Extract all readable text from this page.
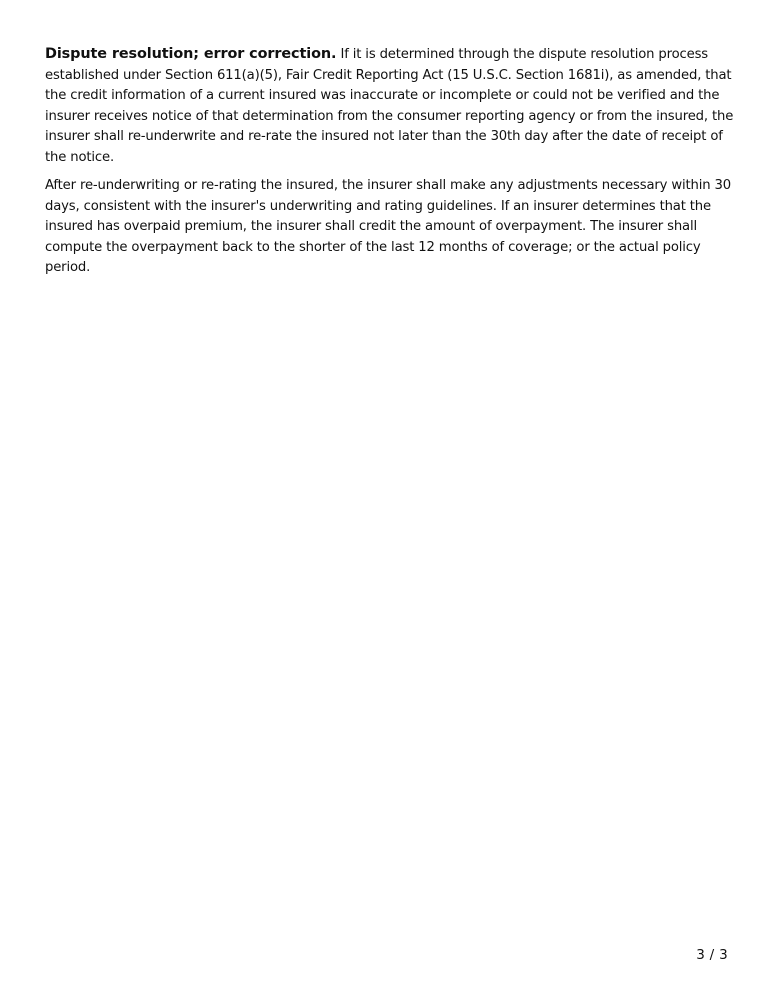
Dispute resolution; error correction. If it is determined through the dispute resolution process established under Section 611(a)(5), Fair Credit Reporting Act (15 U.S.C. Section 1681i), as amended, that the credit information of a current insured was inaccurate or incomplete or could not be verified and the insurer receives notice of that determination from the consumer reporting agency or from the insured, the insurer shall re-underwrite and re-rate the insured not later than the 30th day after the date of receipt of the notice.

After re-underwriting or re-rating the insured, the insurer shall make any adjustments necessary within 30 days, consistent with the insurer's underwriting and rating guidelines. If an insurer determines that the insured has overpaid premium, the insurer shall credit the amount of overpayment. The insurer shall compute the overpayment back to the shorter of the last 12 months of coverage; or the actual policy period.

3 / 3
